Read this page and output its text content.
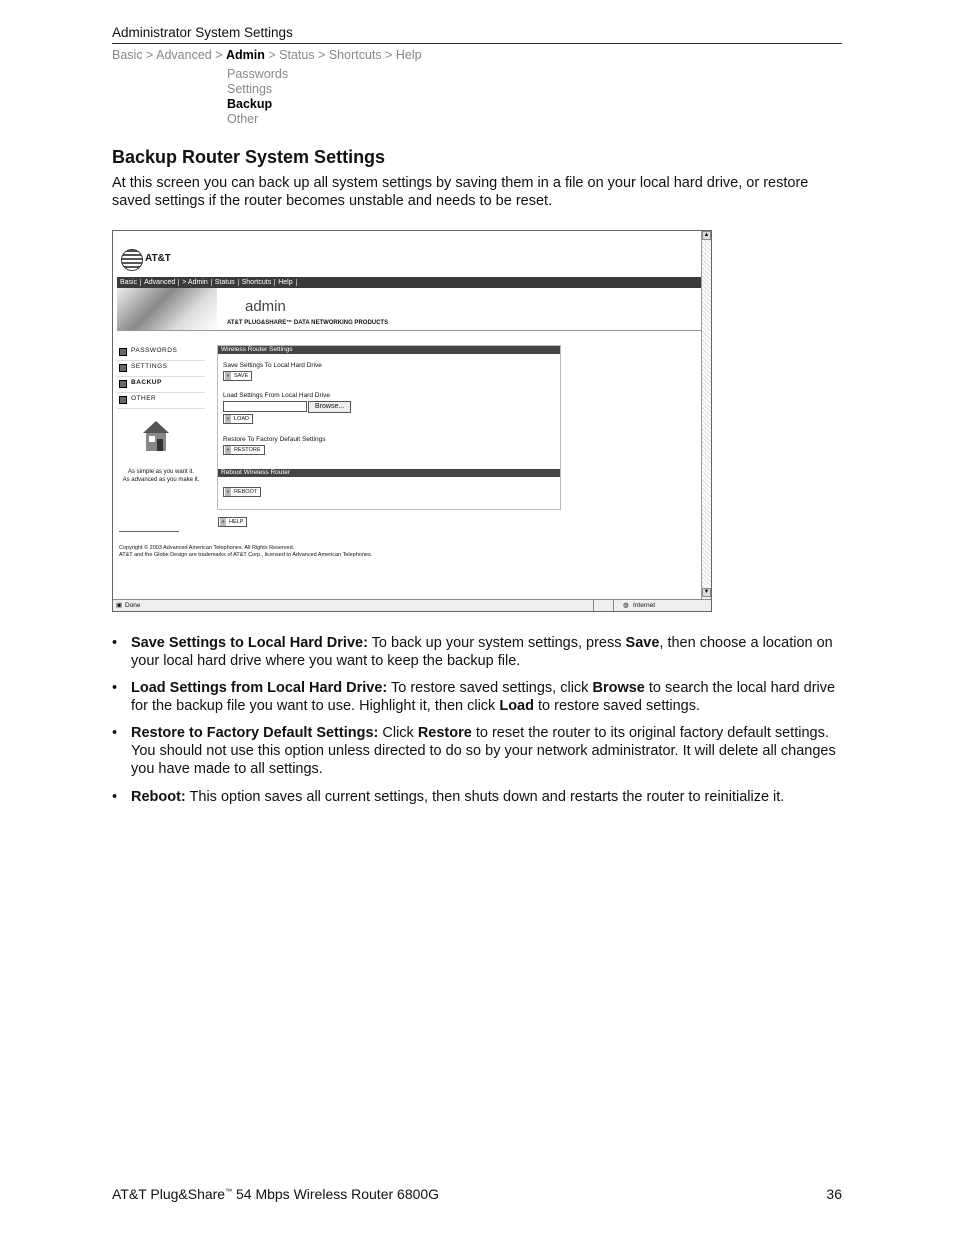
Administrator System Settings
Basic > Advanced > Admin > Status > Shortcuts > Help
Passwords
Settings
Backup
Other
Backup Router System Settings
At this screen you can back up all system settings by saving them in a file on your local hard drive, or restore saved settings if the router becomes unstable and needs to be reset.
▲
▼
AT&T
Basic Advanced > Admin Status Shortcuts Help
admin
AT&T PLUG&SHARE™ DATA NETWORKING PRODUCTS
PASSWORDS
SETTINGS
BACKUP
OTHER
As simple as you want it.
As advanced as you make it.
Wireless Router Settings
Save Settings To Local Hard Drive
» SAVE
Load Settings From Local Hard Drive
Browse...
» LOAD
Restore To Factory Default Settings
» RESTORE
Reboot Wireless Router
» REBOOT
» HELP
Copyright © 2003 Advanced American Telephones. All Rights Reserved.
AT&T and the Globe Design are trademarks of AT&T Corp., licensed to Advanced American Telephones.
▣ Done	◍ Internet
• Save Settings to Local Hard Drive: To back up your system settings, press Save, then choose a location on your local hard drive where you want to keep the backup file.
• Load Settings from Local Hard Drive: To restore saved settings, click Browse to search the local hard drive for the backup file you want to use. Highlight it, then click Load to restore saved settings.
• Restore to Factory Default Settings: Click Restore to reset the router to its original factory default settings. You should not use this option unless directed to do so by your network administrator. It will delete all changes you have made to all settings.
• Reboot: This option saves all current settings, then shuts down and restarts the router to reinitialize it.
AT&T Plug&Share™ 54 Mbps Wireless Router 6800G	36
